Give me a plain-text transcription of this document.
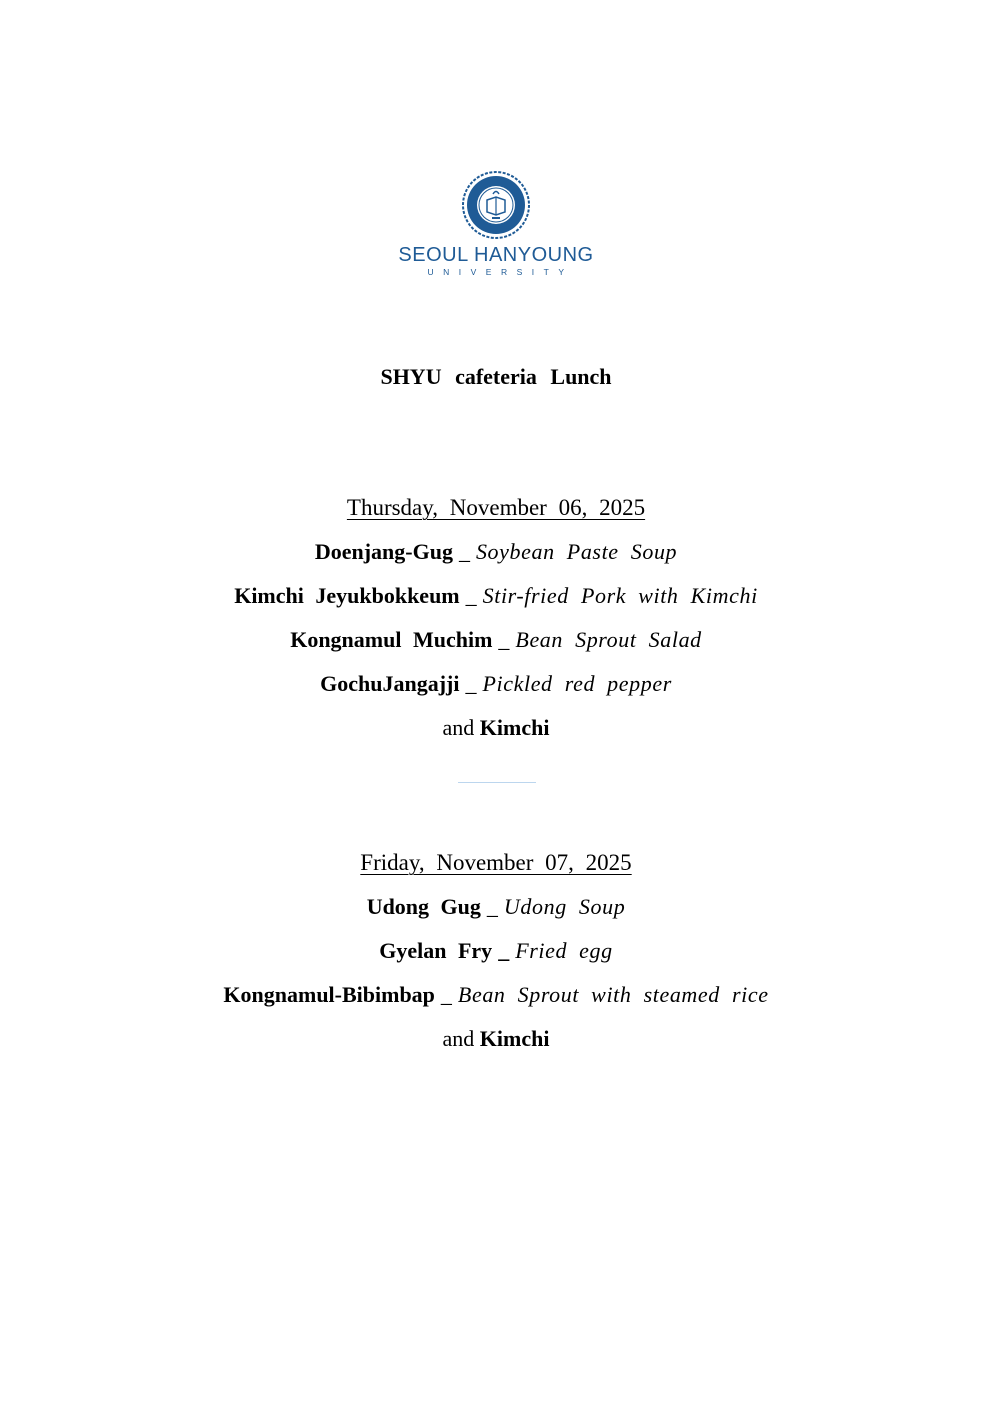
SEOUL HANYOUNG
UNIVERSITY
SHYU cafeteria Lunch
Thursday, November 06, 2025
Doenjang-Gug _ Soybean Paste Soup
Kimchi Jeyukbokkeum _ Stir-fried Pork with Kimchi
Kongnamul Muchim _ Bean Sprout Salad
GochuJangajji _ Pickled red pepper
and Kimchi
Friday, November 07, 2025
Udong Gug _ Udong Soup
Gyelan Fry _ Fried egg
Kongnamul-Bibimbap _ Bean Sprout with steamed rice
and Kimchi
